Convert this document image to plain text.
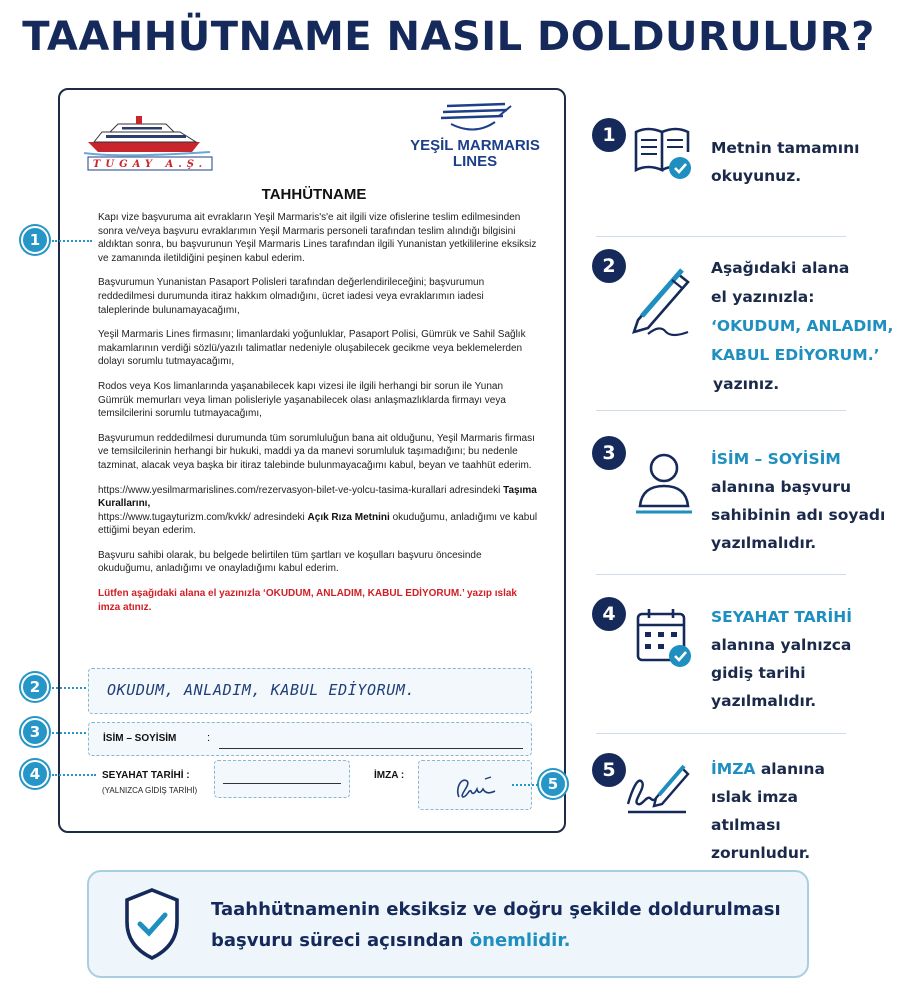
TAAHHÜTNAME NASIL DOLDURULUR?
TUGAY A.Ş.
YEŞİL MARMARIS
LINES
TAHHÜTNAME

Kapı vize başvuruma ait evrakların Yeşil Marmaris's'e ait ilgili vize ofislerine teslim edilmesinden sonra ve/veya başvuru evraklarımın Yeşil Marmaris personeli tarafından teslim alındığı bilgisini aldıktan sonra, bu başvurunun Yeşil Marmaris Lines tarafından ilgili Yunanistan yetkililerine eksiksiz ve zamanında iletildiğini peşinen kabul ederim.

Başvurumun Yunanistan Pasaport Polisleri tarafından değerlendirileceğini; başvurumun reddedilmesi durumunda itiraz hakkım olmadığını, ücret iadesi veya evraklarımın iadesi taleplerinde bulunamayacağımı,

Yeşil Marmaris Lines firmasını; limanlardaki yoğunluklar, Pasaport Polisi, Gümrük ve Sahil Sağlık makamlarının verdiği sözlü/yazılı talimatlar nedeniyle oluşabilecek gecikme veya beklemelerden dolayı sorumlu tutmayacağımı,

Rodos veya Kos limanlarında yaşanabilecek kapı vizesi ile ilgili herhangi bir sorun ile Yunan Gümrük memurları veya liman polisleriyle yaşanabilecek olası anlaşmazlıklarda firmayı veya temsilcilerini sorumlu tutmayacağımı,

Başvurumun reddedilmesi durumunda tüm sorumluluğun bana ait olduğunu, Yeşil Marmaris firması ve temsilcilerinin herhangi bir hukuki, maddi ya da manevi sorumluluk taşımadığını; bu nedenle tazminat, alacak veya başka bir itiraz talebinde bulunmayacağımı kabul, beyan ve taahhüt ederim.

https://www.yesilmarmarislines.com/rezervasyon-bilet-ve-yolcu-tasima-kurallari adresindeki Taşıma Kurallarını,
https://www.tugayturizm.com/kvkk/ adresindeki Açık Rıza Metnini okuduğumu, anladığımı ve kabul ettiğimi beyan ederim.

Başvuru sahibi olarak, bu belgede belirtilen tüm şartları ve koşulları başvuru öncesinde okuduğumu, anladığımı ve onayladığımı kabul ederim.

Lütfen aşağıdaki alana el yazınızla ‘OKUDUM, ANLADIM, KABUL EDİYORUM.’ yazıp ıslak imza atınız.

OKUDUM, ANLADIM, KABUL EDİYORUM.
İSİM – SOYİSİM	:
SEYAHAT TARİHİ :
(YALNIZCA GİDİŞ TARİHİ)
İMZA :
1
2
3
4
5
1
Metnin tamamını
okuyunuz.
2	Aşağıdaki alana
el yazınızla:
‘OKUDUM, ANLADIM,
KABUL EDİYORUM.’
yazınız.
3	İSİM – SOYİSİM
alanına başvuru
sahibinin adı soyadı
yazılmalıdır.
4	SEYAHAT TARİHİ
alanına yalnızca
gidiş tarihi
yazılmalıdır.
5	İMZA alanına
ıslak imza
atılması
zorunludur.
Taahhütnamenin eksiksiz ve doğru şekilde doldurulması
başvuru süreci açısından önemlidir.
